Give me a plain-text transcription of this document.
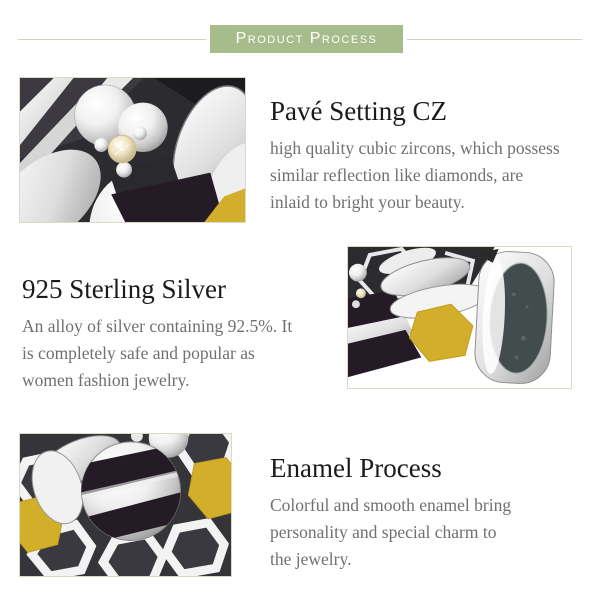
Product Process
Pavé Setting CZ
high quality cubic zircons, which possess
similar reflection like diamonds, are
inlaid to bright your beauty.
925 Sterling Silver
An alloy of silver containing 92.5%. It
is completely safe and popular as
women fashion jewelry.
Enamel Process
Colorful and smooth enamel bring
personality and special charm to
the jewelry.
